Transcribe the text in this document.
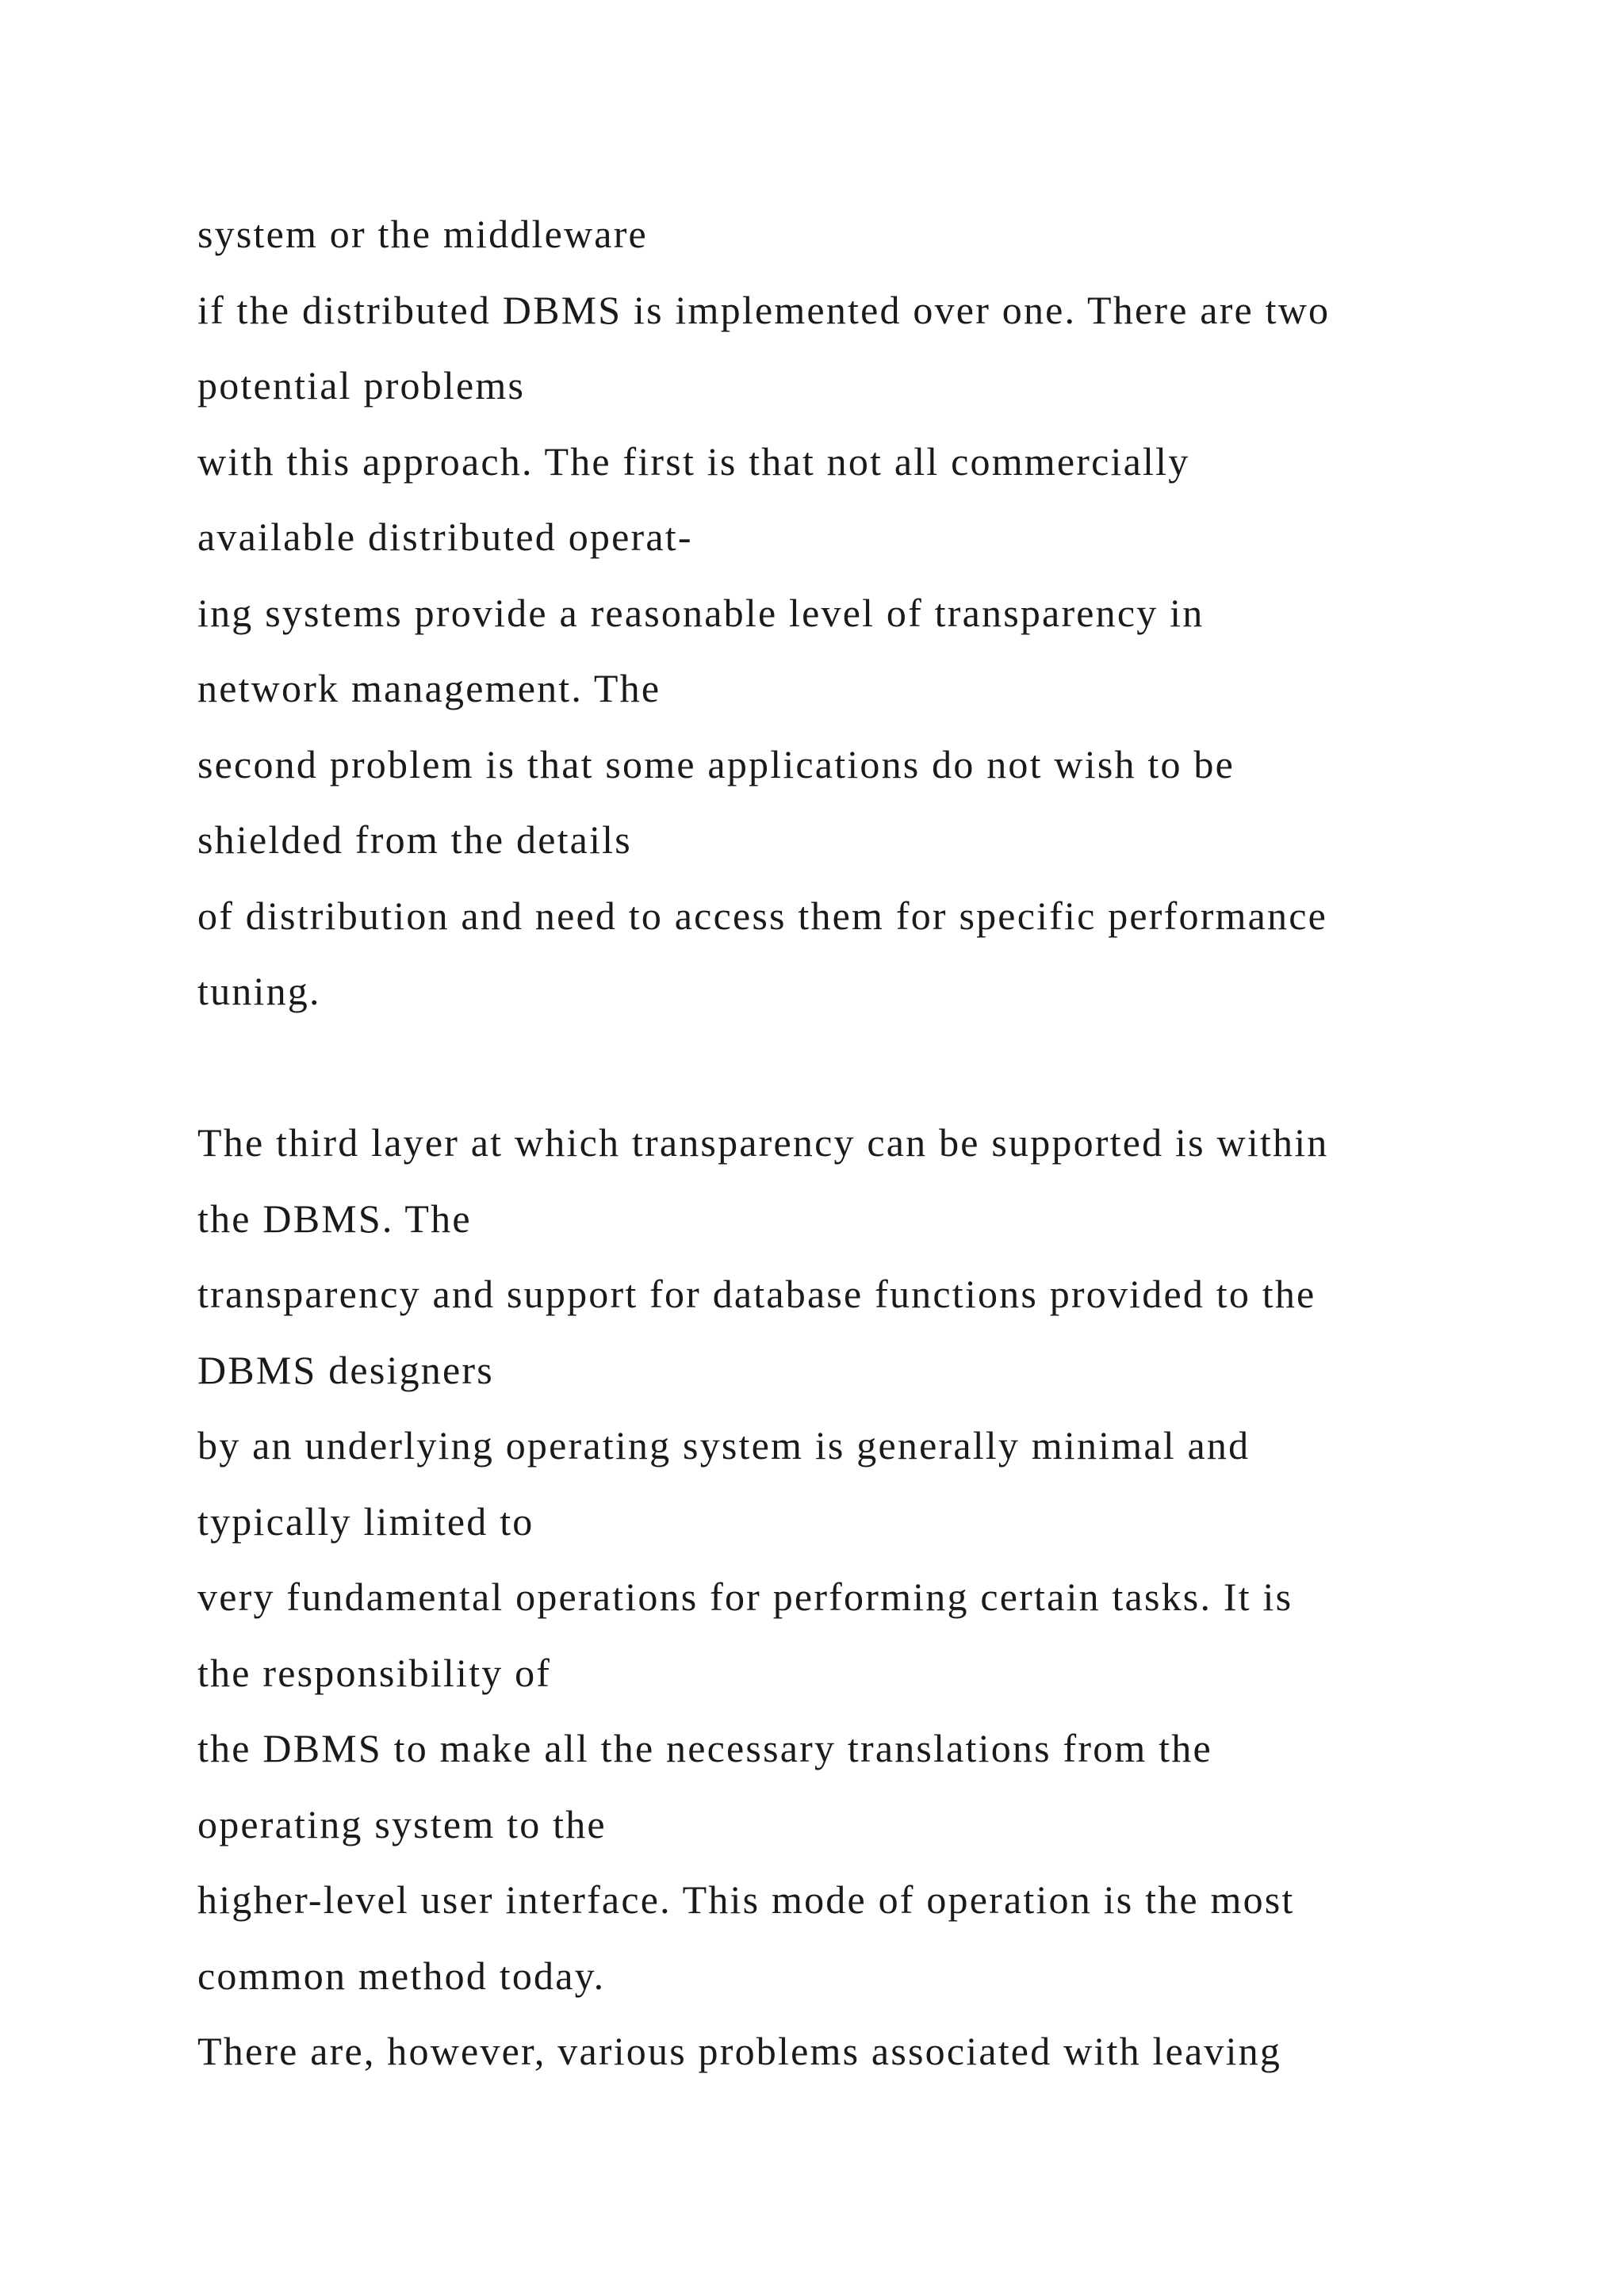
system or the middleware
if the distributed DBMS is implemented over one. There are two
potential problems
with this approach. The first is that not all commercially
available distributed operat-
ing systems provide a reasonable level of transparency in
network management. The
second problem is that some applications do not wish to be
shielded from the details
of distribution and need to access them for specific performance
tuning.
The third layer at which transparency can be supported is within
the DBMS. The
transparency and support for database functions provided to the
DBMS designers
by an underlying operating system is generally minimal and
typically limited to
very fundamental operations for performing certain tasks. It is
the responsibility of
the DBMS to make all the necessary translations from the
operating system to the
higher-level user interface. This mode of operation is the most
common method today.
There are, however, various problems associated with leaving
